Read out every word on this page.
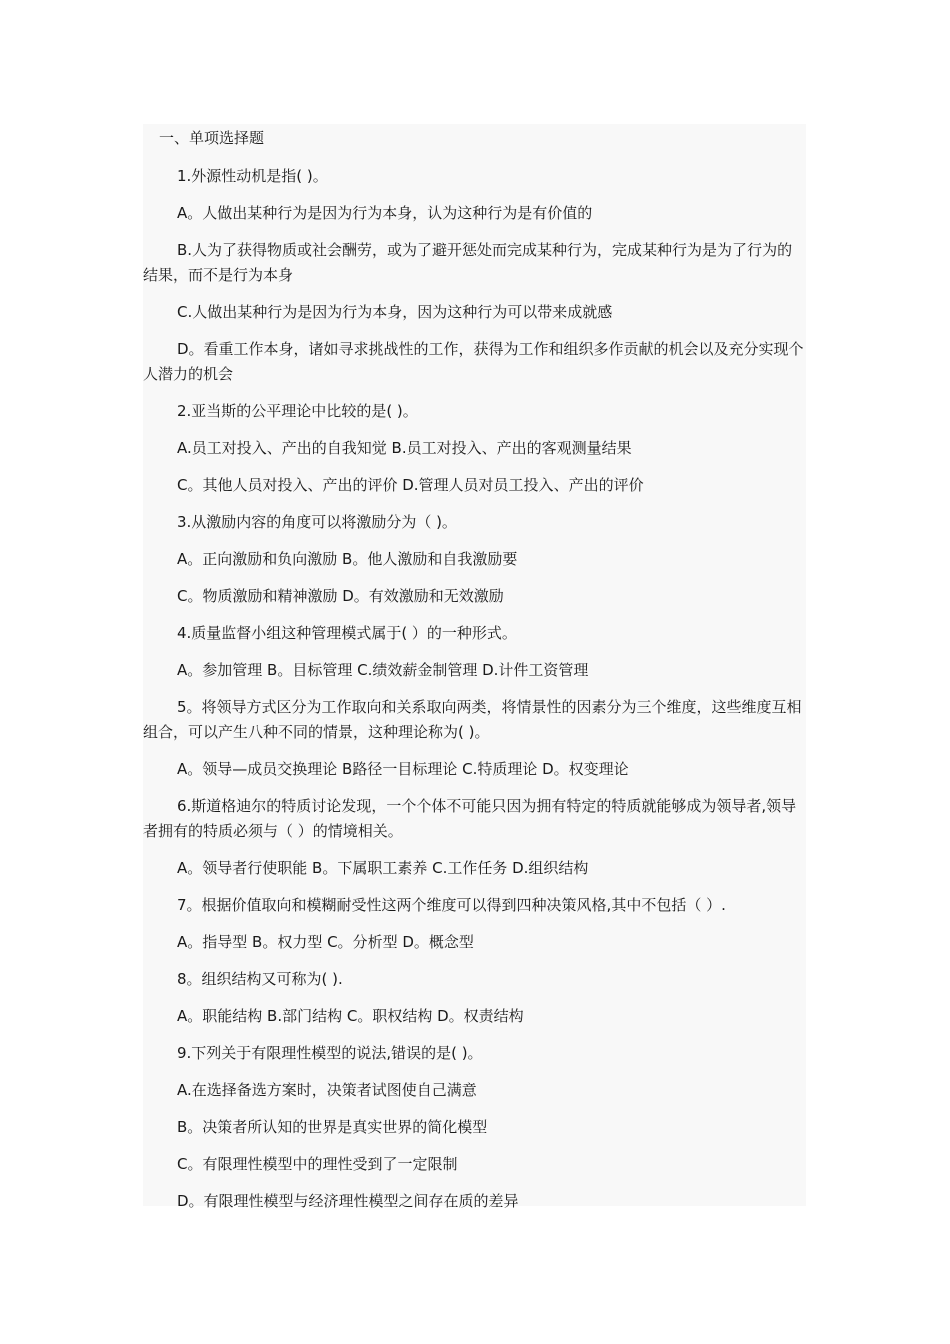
一、单项选择题

1.外源性动机是指( )。

A。人做出某种行为是因为行为本身，认为这种行为是有价值的

B.人为了获得物质或社会酬劳，或为了避开惩处而完成某种行为，完成某种行为是为了行为的结果，而不是行为本身

C.人做出某种行为是因为行为本身，因为这种行为可以带来成就感

D。看重工作本身，诸如寻求挑战性的工作，获得为工作和组织多作贡献的机会以及充分实现个人潜力的机会

2.亚当斯的公平理论中比较的是( )。

A.员工对投入、产出的自我知觉 B.员工对投入、产出的客观测量结果

C。其他人员对投入、产出的评价 D.管理人员对员工投入、产出的评价

3.从激励内容的角度可以将激励分为（ )。

A。正向激励和负向激励 B。他人激励和自我激励要

C。物质激励和精神激励 D。有效激励和无效激励

4.质量监督小组这种管理模式属于( ）的一种形式。

A。参加管理 B。目标管理 C.绩效薪金制管理 D.计件工资管理

5。将领导方式区分为工作取向和关系取向两类，将情景性的因素分为三个维度，这些维度互相组合，可以产生八种不同的情景，这种理论称为( )。

A。领导—成员交换理论 B路径一目标理论 C.特质理论 D。权变理论

6.斯道格迪尔的特质讨论发现，一个个体不可能只因为拥有特定的特质就能够成为领导者,领导者拥有的特质必须与（ ）的情境相关。

A。领导者行使职能 B。下属职工素养 C.工作任务 D.组织结构

7。根据价值取向和模糊耐受性这两个维度可以得到四种决策风格,其中不包括（ ）.

A。指导型 B。权力型 C。分析型 D。概念型

8。组织结构又可称为( ).

A。职能结构 B.部门结构 C。职权结构 D。权责结构

9.下列关于有限理性模型的说法,错误的是( )。

A.在选择备选方案时，决策者试图使自己满意

B。决策者所认知的世界是真实世界的简化模型

C。有限理性模型中的理性受到了一定限制

D。有限理性模型与经济理性模型之间存在质的差异
